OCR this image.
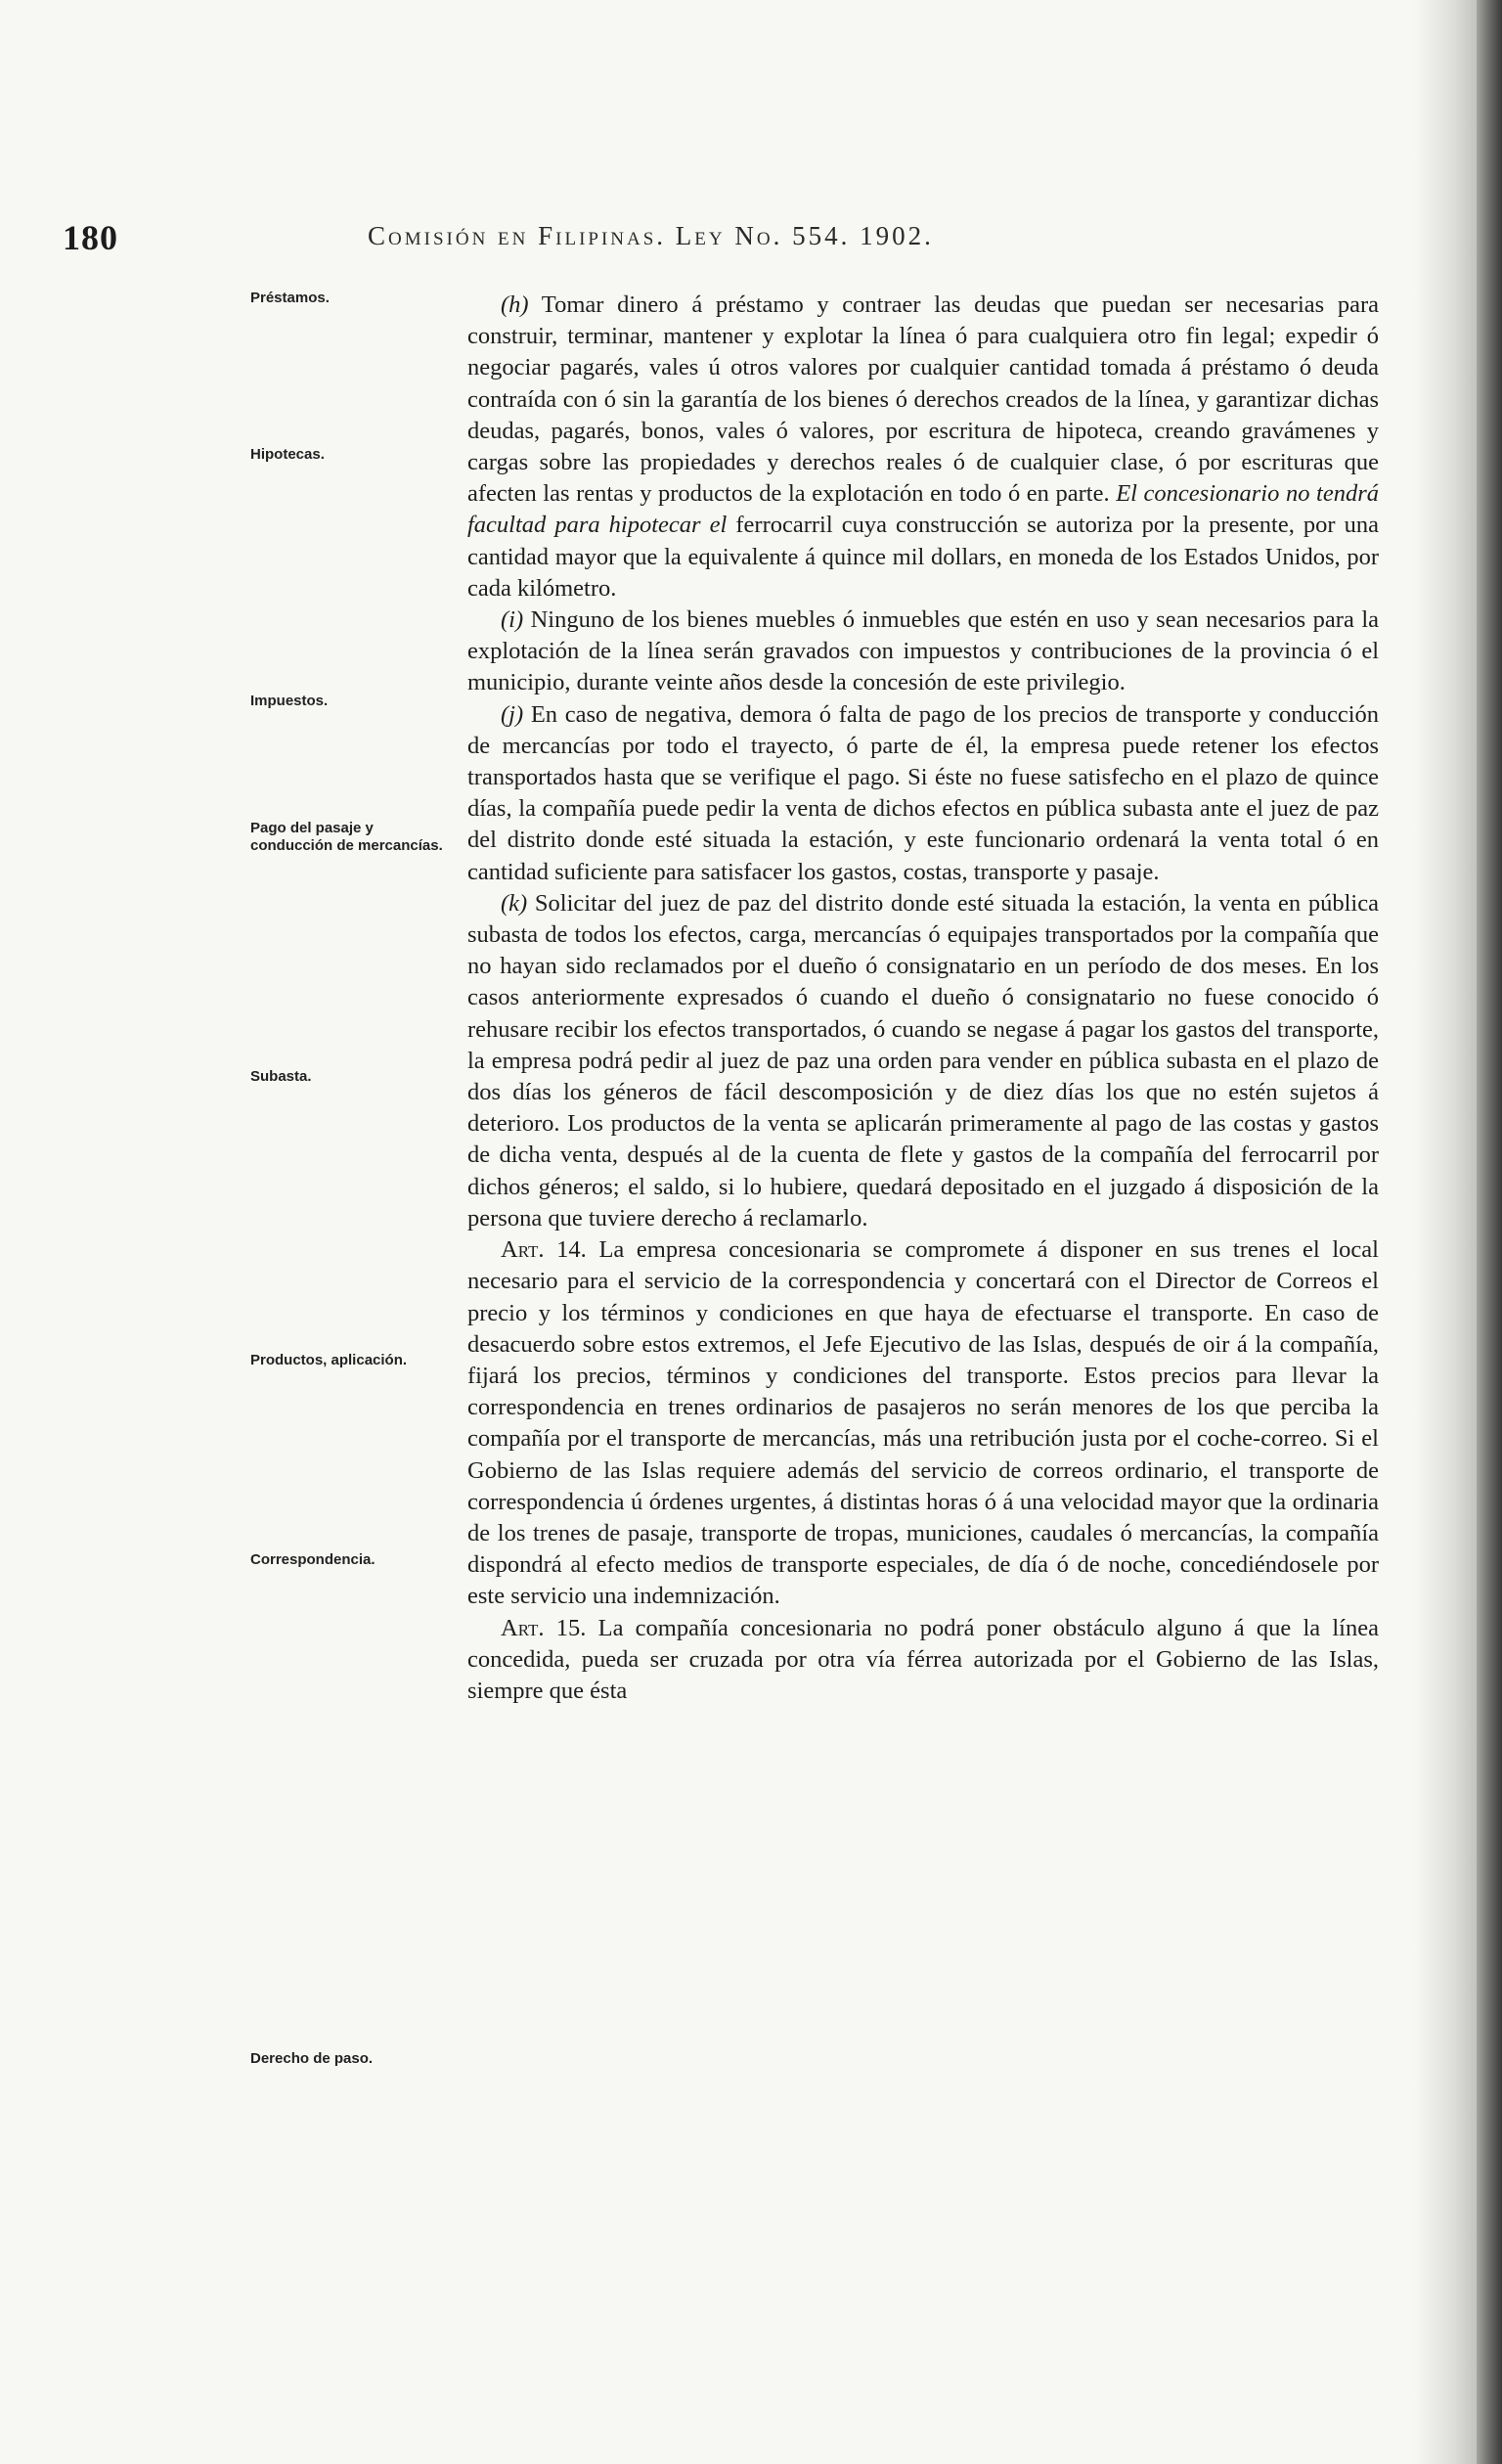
180	Comisión en Filipinas. Ley No. 554. 1902.
Préstamos.
Hipotecas.
Impuestos.
Pago del pasaje y conducción de mercancías.
Subasta.
Productos, aplicación.
Correspondencia.
Derecho de paso.

(h) Tomar dinero á préstamo y contraer las deudas que puedan ser necesarias para construir, terminar, mantener y explotar la línea ó para cualquiera otro fin legal; expedir ó negociar pagarés, vales ú otros valores por cualquier cantidad tomada á préstamo ó deuda contraída con ó sin la garantía de los bienes ó derechos creados de la línea, y garantizar dichas deudas, pagarés, bonos, vales ó valores, por escritura de hipoteca, creando gravámenes y cargas sobre las propiedades y derechos reales ó de cualquier clase, ó por escrituras que afecten las rentas y productos de la explotación en todo ó en parte. El concesionario no tendrá facultad para hipotecar el ferrocarril cuya construcción se autoriza por la presente, por una cantidad mayor que la equivalente á quince mil dollars, en moneda de los Estados Unidos, por cada kilómetro.

(i) Ninguno de los bienes muebles ó inmuebles que estén en uso y sean necesarios para la explotación de la línea serán gravados con impuestos y contribuciones de la provincia ó el municipio, durante veinte años desde la concesión de este privilegio.

(j) En caso de negativa, demora ó falta de pago de los precios de transporte y conducción de mercancías por todo el trayecto, ó parte de él, la empresa puede retener los efectos transportados hasta que se verifique el pago. Si éste no fuese satisfecho en el plazo de quince días, la compañía puede pedir la venta de dichos efectos en pública subasta ante el juez de paz del distrito donde esté situada la estación, y este funcionario ordenará la venta total ó en cantidad suficiente para satisfacer los gastos, costas, transporte y pasaje.

(k) Solicitar del juez de paz del distrito donde esté situada la estación, la venta en pública subasta de todos los efectos, carga, mercancías ó equipajes transportados por la compañía que no hayan sido reclamados por el dueño ó consignatario en un período de dos meses. En los casos anteriormente expresados ó cuando el dueño ó consignatario no fuese conocido ó rehusare recibir los efectos transportados, ó cuando se negase á pagar los gastos del transporte, la empresa podrá pedir al juez de paz una orden para vender en pública subasta en el plazo de dos días los géneros de fácil descomposición y de diez días los que no estén sujetos á deterioro. Los productos de la venta se aplicarán primeramente al pago de las costas y gastos de dicha venta, después al de la cuenta de flete y gastos de la compañía del ferrocarril por dichos géneros; el saldo, si lo hubiere, quedará depositado en el juzgado á disposición de la persona que tuviere derecho á reclamarlo.

Art. 14. La empresa concesionaria se compromete á disponer en sus trenes el local necesario para el servicio de la correspondencia y concertará con el Director de Correos el precio y los términos y condiciones en que haya de efectuarse el transporte. En caso de desacuerdo sobre estos extremos, el Jefe Ejecutivo de las Islas, después de oir á la compañía, fijará los precios, términos y condiciones del transporte. Estos precios para llevar la correspondencia en trenes ordinarios de pasajeros no serán menores de los que perciba la compañía por el transporte de mercancías, más una retribución justa por el coche-correo. Si el Gobierno de las Islas requiere además del servicio de correos ordinario, el transporte de correspondencia ú órdenes urgentes, á distintas horas ó á una velocidad mayor que la ordinaria de los trenes de pasaje, transporte de tropas, municiones, caudales ó mercancías, la compañía dispondrá al efecto medios de transporte especiales, de día ó de noche, concediéndosele por este servicio una indemnización.

Art. 15. La compañía concesionaria no podrá poner obstáculo alguno á que la línea concedida, pueda ser cruzada por otra vía férrea autorizada por el Gobierno de las Islas, siempre que ésta
